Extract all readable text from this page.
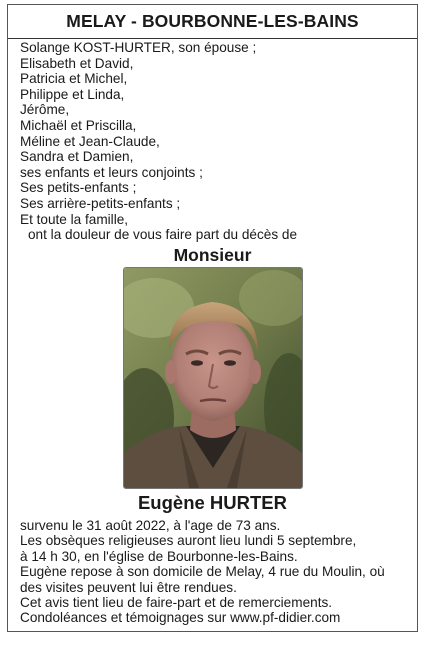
MELAY - BOURBONNE-LES-BAINS
Solange KOST-HURTER, son épouse ;
Elisabeth et David,
Patricia et Michel,
Philippe et Linda,
Jérôme,
Michaël et Priscilla,
Méline et Jean-Claude,
Sandra et Damien,
ses enfants et leurs conjoints ;
Ses petits-enfants ;
Ses arrière-petits-enfants ;
Et toute la famille,
ont la douleur de vous faire part du décès de
Monsieur
Eugène HURTER
survenu le 31 août 2022, à l'age de 73 ans.
Les obsèques religieuses auront lieu lundi 5 septembre,
à 14 h 30, en l'église de Bourbonne-les-Bains.
Eugène repose à son domicile de Melay, 4 rue du Moulin, où
des visites peuvent lui être rendues.
Cet avis tient lieu de faire-part et de remerciements.
Condoléances et témoignages sur www.pf-didier.com
